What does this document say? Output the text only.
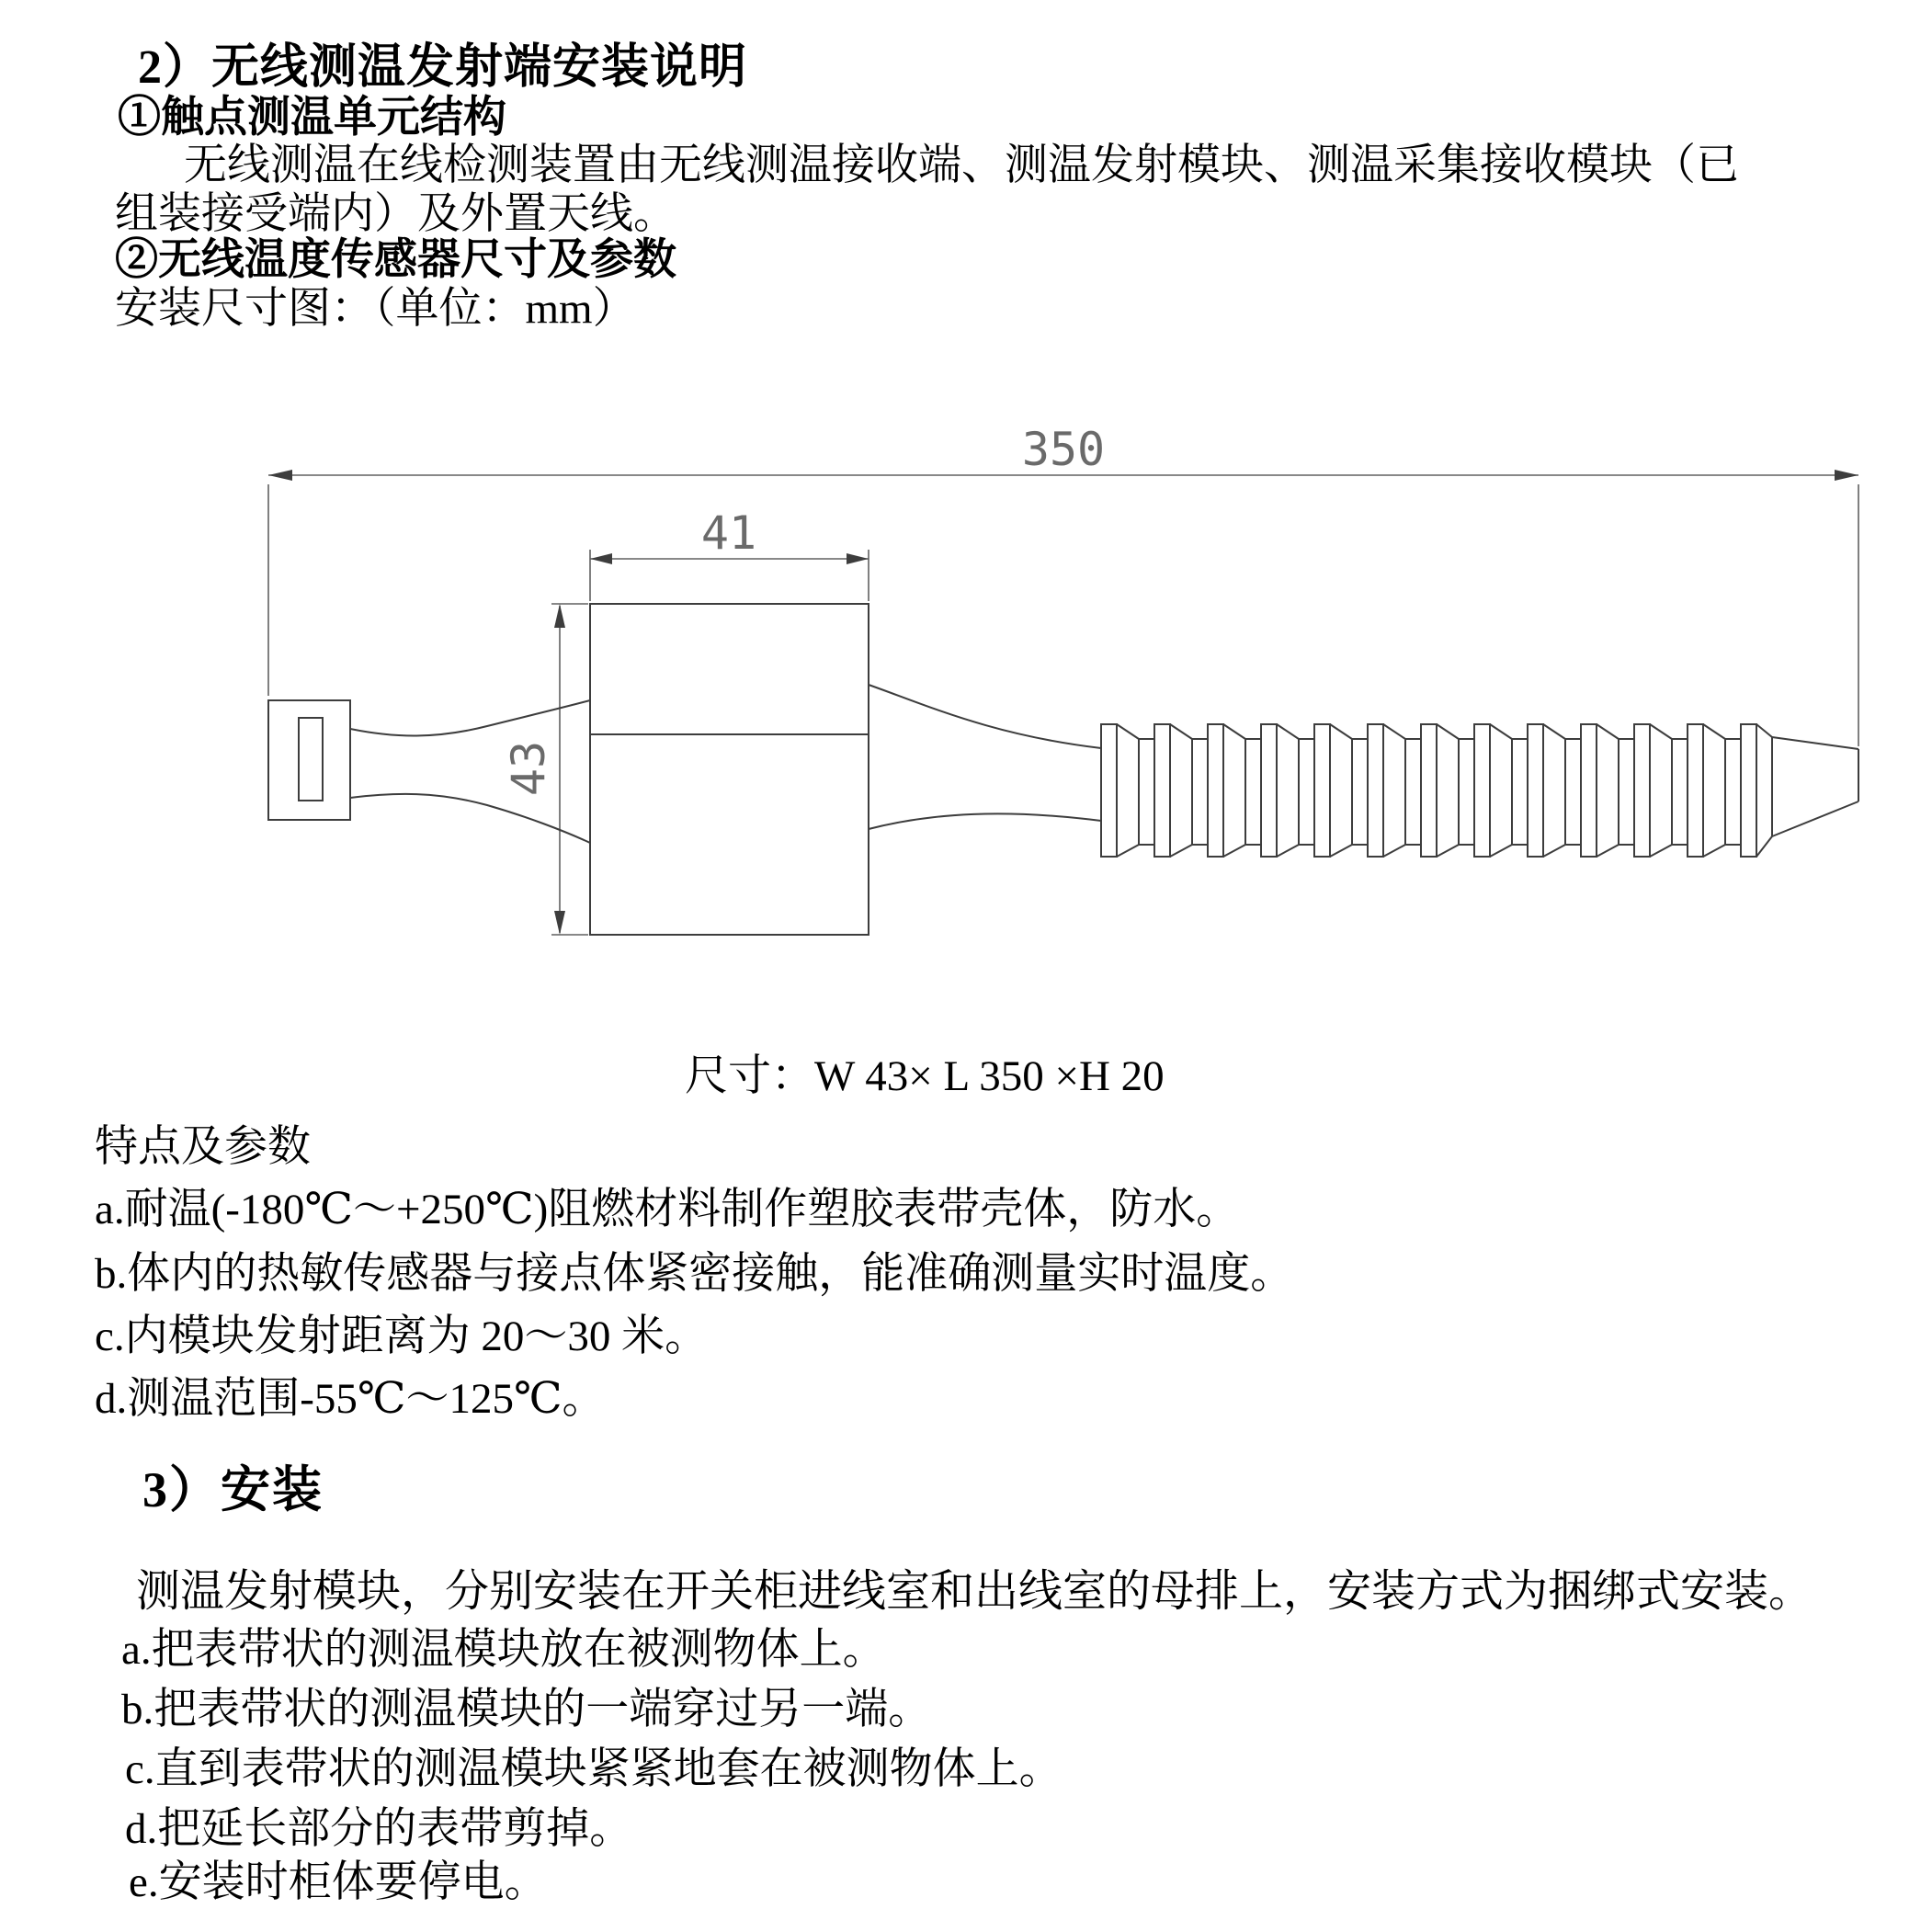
2）无线测温发射端安装说明
①触点测温单元结构
无线测温在线检测装置由无线测温接收端、测温发射模块、测温采集接收模块（已
组装接受端内）及外置天线。
②无线温度传感器尺寸及参数
安装尺寸图：（单位：mm）
350
41
43
尺寸：W 43× L 350 ×H 20
特点及参数
a.耐温(-180℃～+250℃)阻燃材料制作塑胶表带壳体，防水。
b.体内的热敏传感器与接点体紧密接触，能准确测量实时温度。
c.内模块发射距离为 20～30 米。
d.测温范围-55℃～125℃。
3）安装
测温发射模块，分别安装在开关柜进线室和出线室的母排上，安装方式为捆绑式安装。
a.把表带状的测温模块放在被测物体上。
b.把表带状的测温模块的一端穿过另一端。
c.直到表带状的测温模块紧紧地套在被测物体上。
d.把延长部分的表带剪掉。
e.安装时柜体要停电。
